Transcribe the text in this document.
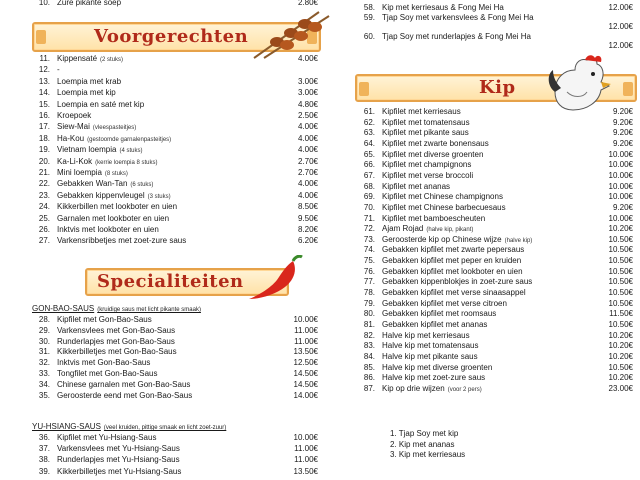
10. Zure pikante soep	2.80€
Voorgerechten
11. Kippensaté (2 stuks)	4.00€
12. -
13. Loempia met krab	3.00€
14. Loempia met kip	3.00€
15. Loempia en saté met kip	4.80€
16. Kroepoek	2.50€
17. Siew-Mai (vleespasteitjes)	4.00€
18. Ha-Kou (gestoomde garnalenpasteitjes)	4.00€
19. Vietnam loempia (4 stuks)	4.00€
20. Ka-Li-Kok (kerrie loempia 8 stuks)	2.70€
21. Mini loempia (8 stuks)	2.70€
22. Gebakken Wan-Tan (6 stuks)	4.00€
23. Gebakken kippenvleugel (3 stuks)	4.00€
24. Kikkerbillen met lookboter en uien	8.50€
25. Garnalen met lookboter en uien	9.50€
26. Inktvis met lookboter en uien	8.20€
27. Varkensribbetjes met zoet-zure saus	6.20€
Specialiteiten
GON-BAO-SAUS (kruidige saus met licht pikante smaak)
28. Kipfilet met Gon-Bao-Saus	10.00€
29. Varkensvlees met Gon-Bao-Saus	11.00€
30. Runderlapjes met Gon-Bao-Saus	11.00€
31. Kikkerbilletjes met Gon-Bao-Saus	13.50€
32. Inktvis met Gon-Bao-Saus	12.50€
33. Tongfilet met Gon-Bao-Saus	14.50€
34. Chinese garnalen met Gon-Bao-Saus	14.50€
35. Geroosterde eend met Gon-Bao-Saus	14.00€
YU-HSIANG-SAUS (veel kruiden, pittige smaak en licht zoet-zuur)
36. Kipfilet met Yu-Hsiang-Saus	10.00€
37. Varkensvlees met Yu-Hsiang-Saus	11.00€
38. Runderlapjes met Yu-Hsiang-Saus	11.00€
39. Kikkerbilletjes met Yu-Hsiang-Saus	13.50€
58. Kip met kerriesaus & Fong Mei Ha	12.00€
59. Tjap Soy met varkensvlees & Fong Mei Ha
12.00€
60. Tjap Soy met runderlapjes & Fong Mei Ha
12.00€
Kip
61. Kipfilet met kerriesaus	9.20€
62. Kipfilet met tomatensaus	9.20€
63. Kipfilet met pikante saus	9.20€
64. Kipfilet met zwarte bonensaus	9.20€
65. Kipfilet met diverse groenten	10.00€
66. Kipfilet met champignons	10.00€
67. Kipfilet met verse broccoli	10.00€
68. Kipfilet met ananas	10.00€
69. Kipfilet met Chinese champignons	10.00€
70. Kipfilet met Chinese barbecuesaus	9.20€
71. Kipfilet met bamboescheuten	10.00€
72. Ajam Rojad (halve kip, pikant)	10.20€
73. Geroosterde kip op Chinese wijze (halve kip)	10.50€
74. Gebakken kipfilet met zwarte pepersaus	10.50€
75. Gebakken kipfilet met peper en kruiden	10.50€
76. Gebakken kipfilet met lookboter en uien	10.50€
77. Gebakken kippenblokjes in zoet-zure saus	10.50€
78. Gebakken kipfilet met verse sinaasappel	10.50€
79. Gebakken kipfilet met verse citroen	10.50€
80. Gebakken kipfilet met roomsaus	11.50€
81. Gebakken kipfilet met ananas	10.50€
82. Halve kip met kerriesaus	10.20€
83. Halve kip met tomatensaus	10.20€
84. Halve kip met pikante saus	10.20€
85. Halve kip met diverse groenten	10.50€
86. Halve kip met zoet-zure saus	10.20€
87. Kip op drie wijzen (voor 2 pers)	23.00€
1. Tjap Soy met kip
2. Kip met ananas
3. Kip met kerriesaus
